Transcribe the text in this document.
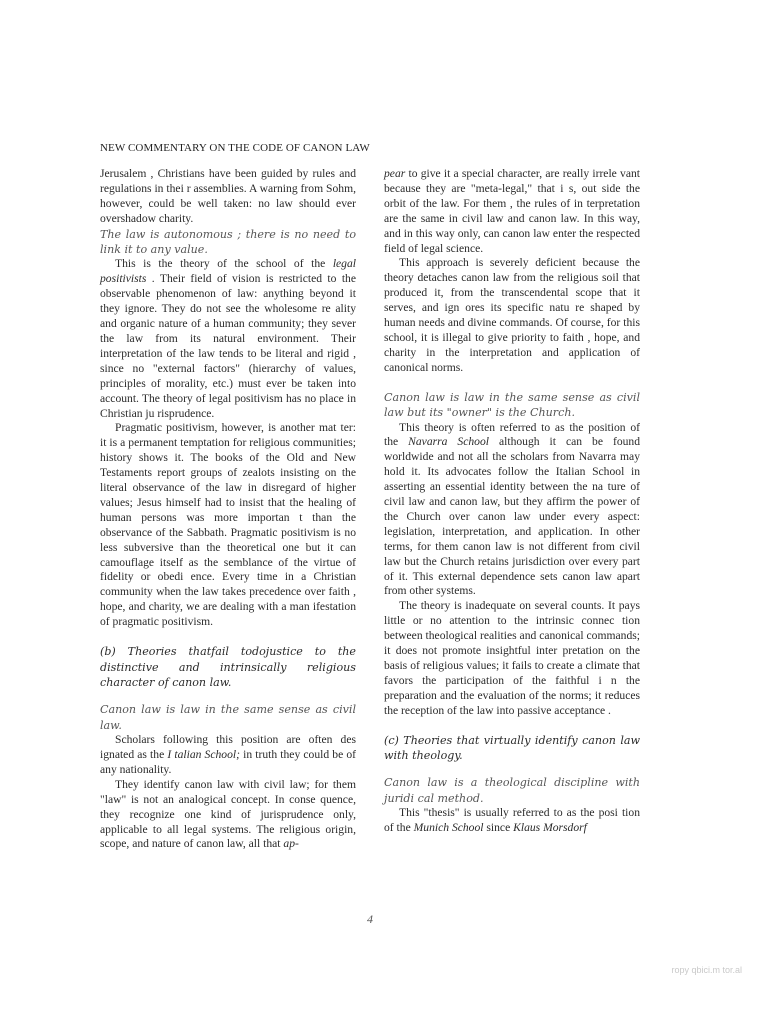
NEW COMMENTARY ON THE CODE OF CANON LAW

Jerusalem , Christians have been guided by rules and regulations in thei r assemblies. A warning from Sohm, however, could be well taken: no law should ever overshadow charity.

The law is autonomous ; there is no need to link it to any value.

This is the theory of the school of the legal positivists . Their field of vision is restricted to the observable phenomenon of law: anything beyond it they ignore. They do not see the wholesome re ality and organic nature of a human community; they sever the law from its natural environment. Their interpretation of the law tends to be literal and rigid , since no "external factors" (hierarchy of values, principles of morality, etc.) must ever be taken into account. The theory of legal positivism has no place in Christian ju risprudence.

Pragmatic positivism, however, is another mat ter: it is a permanent temptation for religious communities; history shows it. The books of the Old and New Testaments report groups of zealots insisting on the literal observance of the law in disregard of higher values; Jesus himself had to insist that the healing of human persons was more importan t than the observance of the Sabbath. Pragmatic positivism is no less subversive than the theoretical one but it can camouflage itself as the semblance of the virtue of fidelity or obedi ence. Every time in a Christian community when the law takes precedence over faith , hope, and charity, we are dealing with a man ifestation of pragmatic positivism.

(b) Theories thatfail todojustice to the distinctive and intrinsically religious character of canon law.

Canon law is law in the same sense as civil law.

Scholars following this position are often des ignated as the I talian School; in truth they could be of any nationality.

They identify canon law with civil law; for them "law" is not an analogical concept. In conse quence, they recognize one kind of jurisprudence only, applicable to all legal systems. The religious origin, scope, and nature of canon law, all that ap-

pear to give it a special character, are really irrele vant because they are "meta-legal," that i s, out side the orbit of the law. For them , the rules of in terpretation are the same in civil law and canon law. In this way, and in this way only, can canon law enter the respected field of legal science.

This approach is severely deficient because the theory detaches canon law from the religious soil that produced it, from the transcendental scope that it serves, and ign ores its specific natu re shaped by human needs and divine commands. Of course, for this school, it is illegal to give priority to faith , hope, and charity in the interpretation and application of canonical norms.

Canon law is law in the same sense as civil law but its "owner" is the Church.

This theory is often referred to as the position of the Navarra School although it can be found worldwide and not all the scholars from Navarra may hold it. Its advocates follow the Italian School in asserting an essential identity between the na ture of civil law and canon law, but they affirm the power of the Church over canon law under every aspect: legislation, interpretation, and application. In other terms, for them canon law is not different from civil law but the Church retains jurisdiction over every part of it. This external dependence sets canon law apart from other systems.

The theory is inadequate on several counts. It pays little or no attention to the intrinsic connec tion between theological realities and canonical commands; it does not promote insightful inter pretation on the basis of religious values; it fails to create a climate that favors the participation of the faithful i n the preparation and the evaluation of the norms; it reduces the reception of the law into passive acceptance .

(c) Theories that virtually identify canon law with theology.

Canon law is a theological discipline with juridi cal method.

This "thesis" is usually referred to as the posi tion of the Munich School since Klaus Morsdorf

4
ropy qbici.m tor.al
